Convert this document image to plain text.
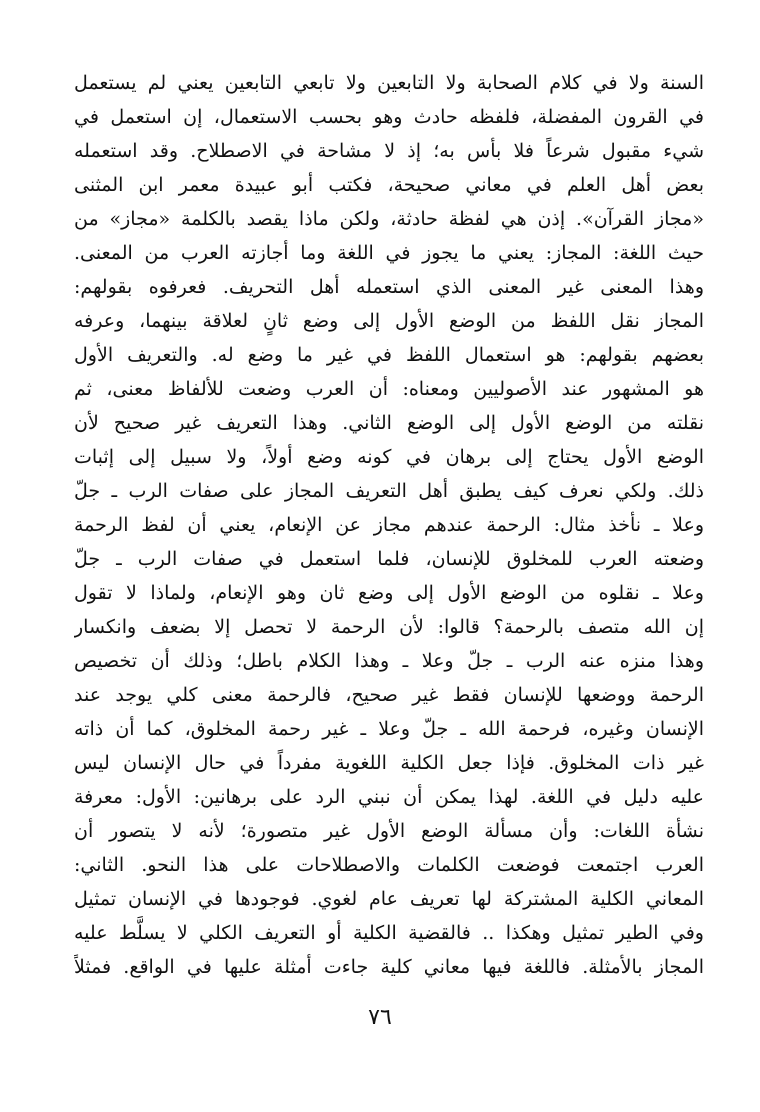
السنة ولا في كلام الصحابة ولا التابعين ولا تابعي التابعين يعني لم يستعمل
في القرون المفضلة، فلفظه حادث وهو بحسب الاستعمال، إن استعمل في
شيء مقبول شرعاً فلا بأس به؛ إذ لا مشاحة في الاصطلاح. وقد استعمله
بعض أهل العلم في معاني صحيحة، فكتب أبو عبيدة معمر ابن المثنى
«مجاز القرآن». إذن هي لفظة حادثة، ولكن ماذا يقصد بالكلمة «مجاز» من
حيث اللغة: المجاز: يعني ما يجوز في اللغة وما أجازته العرب من المعنى.
وهذا المعنى غير المعنى الذي استعمله أهل التحريف. فعرفوه بقولهم:
المجاز نقل اللفظ من الوضع الأول إلى وضع ثانٍ لعلاقة بينهما، وعرفه
بعضهم بقولهم: هو استعمال اللفظ في غير ما وضع له. والتعريف الأول
هو المشهور عند الأصوليين ومعناه: أن العرب وضعت للألفاظ معنى، ثم
نقلته من الوضع الأول إلى الوضع الثاني. وهذا التعريف غير صحيح لأن
الوضع الأول يحتاج إلى برهان في كونه وضع أولاً، ولا سبيل إلى إثبات
ذلك. ولكي نعرف كيف يطبق أهل التعريف المجاز على صفات الرب ـ جلّ
وعلا ـ نأخذ مثال: الرحمة عندهم مجاز عن الإنعام، يعني أن لفظ الرحمة
وضعته العرب للمخلوق للإنسان، فلما استعمل في صفات الرب ـ جلّ
وعلا ـ نقلوه من الوضع الأول إلى وضع ثان وهو الإنعام، ولماذا لا تقول
إن الله متصف بالرحمة؟ قالوا: لأن الرحمة لا تحصل إلا بضعف وانكسار
وهذا منزه عنه الرب ـ جلّ وعلا ـ وهذا الكلام باطل؛ وذلك أن تخصيص
الرحمة ووضعها للإنسان فقط غير صحيح، فالرحمة معنى كلي يوجد عند
الإنسان وغيره، فرحمة الله ـ جلّ وعلا ـ غير رحمة المخلوق، كما أن ذاته
غير ذات المخلوق. فإذا جعل الكلية اللغوية مفرداً في حال الإنسان ليس
عليه دليل في اللغة. لهذا يمكن أن نبني الرد على برهانين: الأول: معرفة
نشأة اللغات: وأن مسألة الوضع الأول غير متصورة؛ لأنه لا يتصور أن
العرب اجتمعت فوضعت الكلمات والاصطلاحات على هذا النحو. الثاني:
المعاني الكلية المشتركة لها تعريف عام لغوي. فوجودها في الإنسان تمثيل
وفي الطير تمثيل وهكذا .. فالقضية الكلية أو التعريف الكلي لا يسلَّط عليه
المجاز بالأمثلة. فاللغة فيها معاني كلية جاءت أمثلة عليها في الواقع. فمثلاً
٧٦
